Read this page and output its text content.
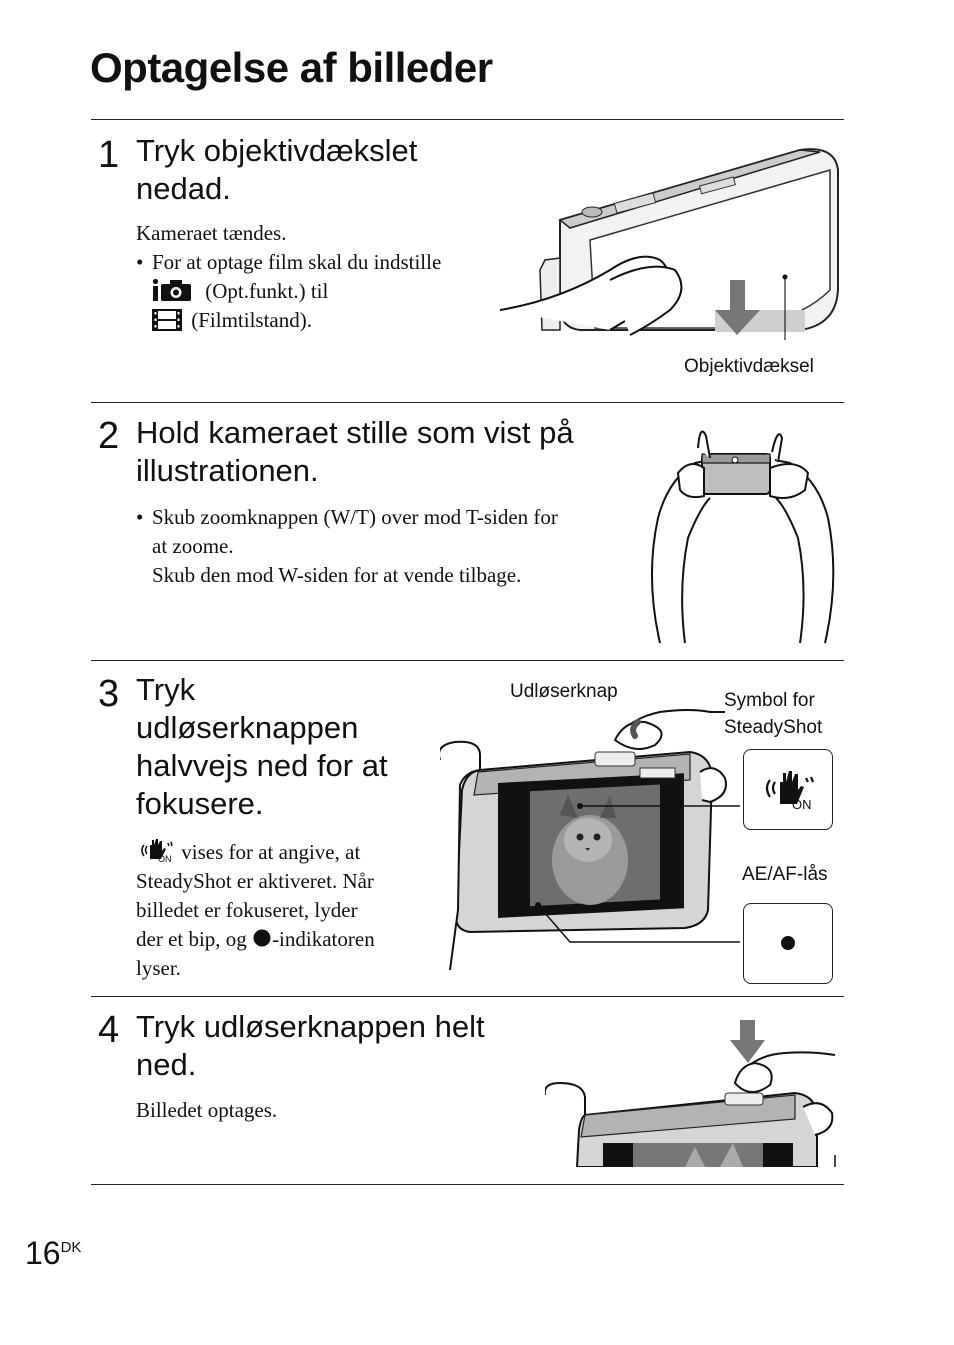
Optagelse af billeder
1 Tryk objektivdækslet
nedad.
Kameraet tændes.
• For at optage film skal du indstille
(Opt.funkt.) til
(Filmtilstand).
Objektivdæksel
2 Hold kameraet stille som vist på
illustrationen.
• Skub zoomknappen (W/T) over mod T-siden for
at zoome.
Skub den mod W-siden for at vende tilbage.
3 Tryk
udløserknappen
halvvejs ned for at
fokusere.
ON vises for at angive, at
SteadyShot er aktiveret. Når
billedet er fokuseret, lyder
der et bip, og -indikatoren
lyser.
Udløserknap	Symbol for
SteadyShot
AE/AF-lås
ON
4 Tryk udløserknappen helt
ned.
Billedet optages.
$16^{DK}$
